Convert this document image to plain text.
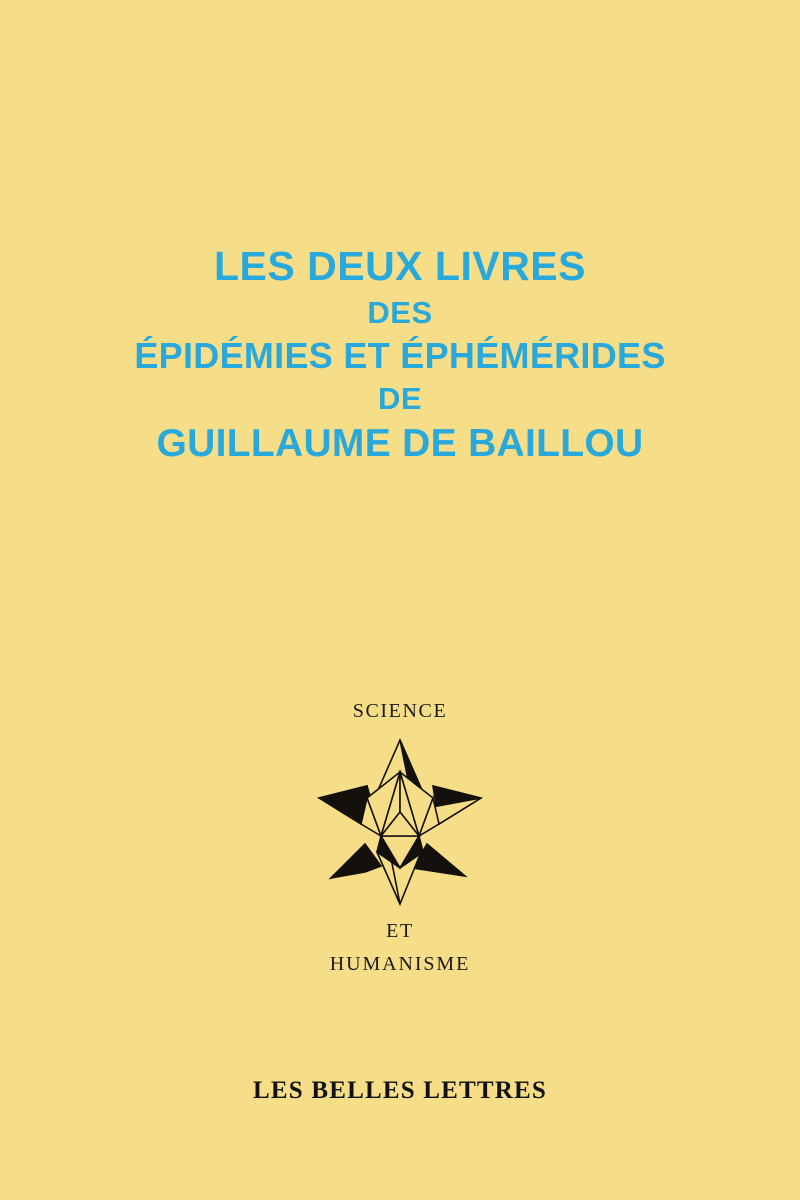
LES DEUX LIVRES
DES
ÉPIDÉMIES ET ÉPHÉMÉRIDES
DE
GUILLAUME DE BAILLOU
SCIENCE
ET
HUMANISME
LES BELLES LETTRES
